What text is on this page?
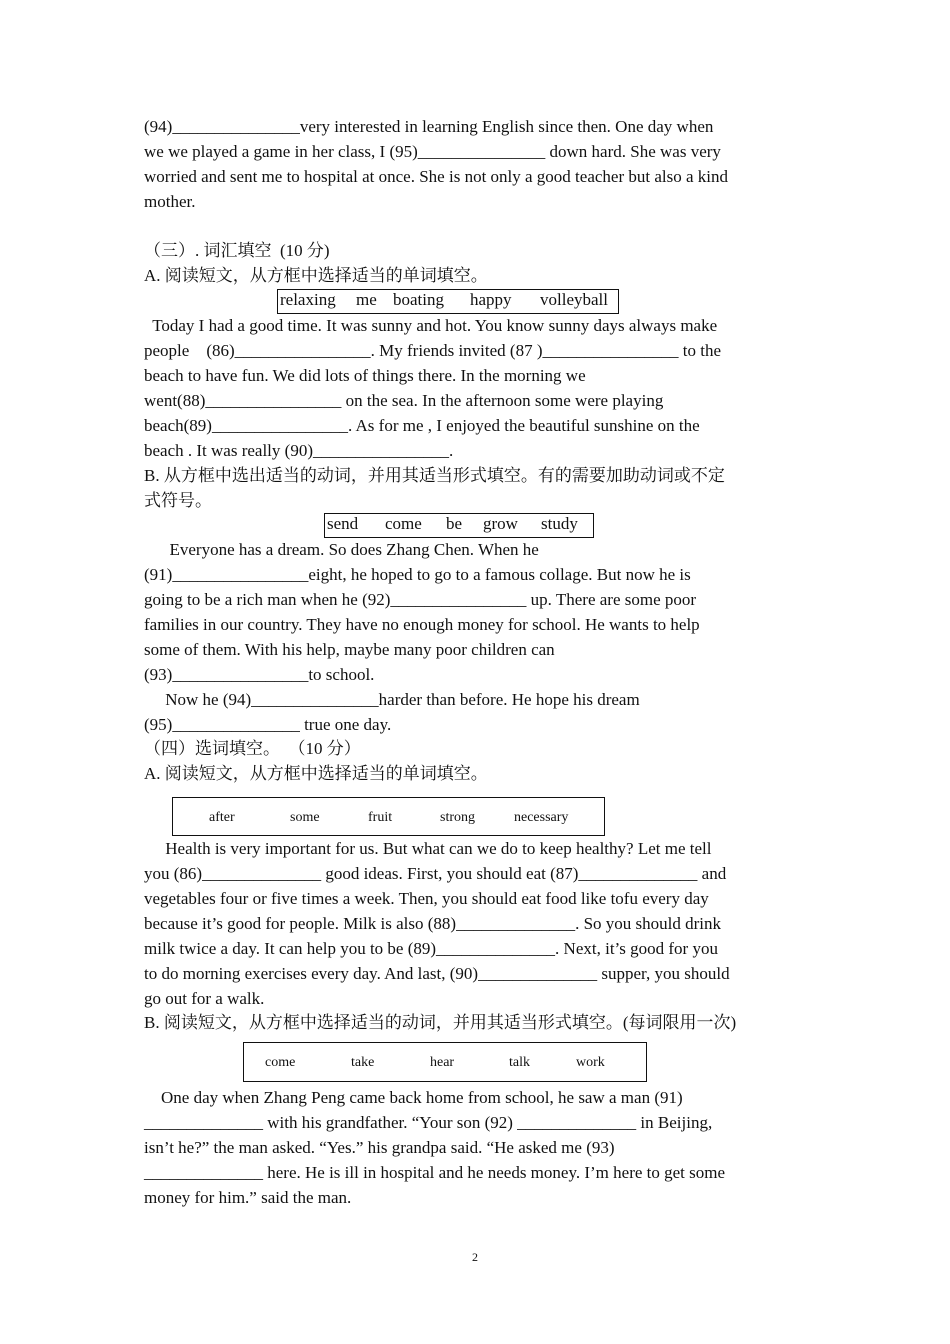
(94)_______________very interested in learning English since then. One day when
we we played a game in her class, I (95)_______________ down hard. She was very
worried and sent me to hospital at once. She is not only a good teacher but also a kind
mother.
（三）. 词汇填空  (10 分)
A. 阅读短文，从方框中选择适当的单词填空。
relaxing me boating happy volleyball
Today I had a good time. It was sunny and hot. You know sunny days always make
people    (86)________________. My friends invited (87 )________________ to the
beach to have fun. We did lots of things there. In the morning we
went(88)________________ on the sea. In the afternoon some were playing
beach(89)________________. As for me , I enjoyed the beautiful sunshine on the
beach . It was really (90)________________.
B. 从方框中选出适当的动词，并用其适当形式填空。有的需要加助动词或不定
式符号。
send come be grow study
Everyone has a dream. So does Zhang Chen. When he
(91)________________eight, he hoped to go to a famous collage. But now he is
going to be a rich man when he (92)________________ up. There are some poor
families in our country. They have no enough money for school. He wants to help
some of them. With his help, maybe many poor children can
(93)________________to school.
Now he (94)_______________harder than before. He hope his dream
(95)_______________ true one day.
（四）选词填空。  （10 分）
A. 阅读短文，从方框中选择适当的单词填空。
after	some	fruit	strong	necessary
Health is very important for us. But what can we do to keep healthy? Let me tell
you (86)______________ good ideas. First, you should eat (87)______________ and
vegetables four or five times a week. Then, you should eat food like tofu every day
because it’s good for people. Milk is also (88)______________. So you should drink
milk twice a day. It can help you to be (89)______________. Next, it’s good for you
to do morning exercises every day. And last, (90)______________ supper, you should
go out for a walk.
B. 阅读短文，从方框中选择适当的动词，并用其适当形式填空。(每词限用一次)
come	take	hear	talk	work
One day when Zhang Peng came back home from school, he saw a man (91)
______________ with his grandfather. “Your son (92) ______________ in Beijing,
isn’t he?” the man asked. “Yes.” his grandpa said. “He asked me (93)
______________ here. He is ill in hospital and he needs money. I’m here to get some
money for him.” said the man.
2
